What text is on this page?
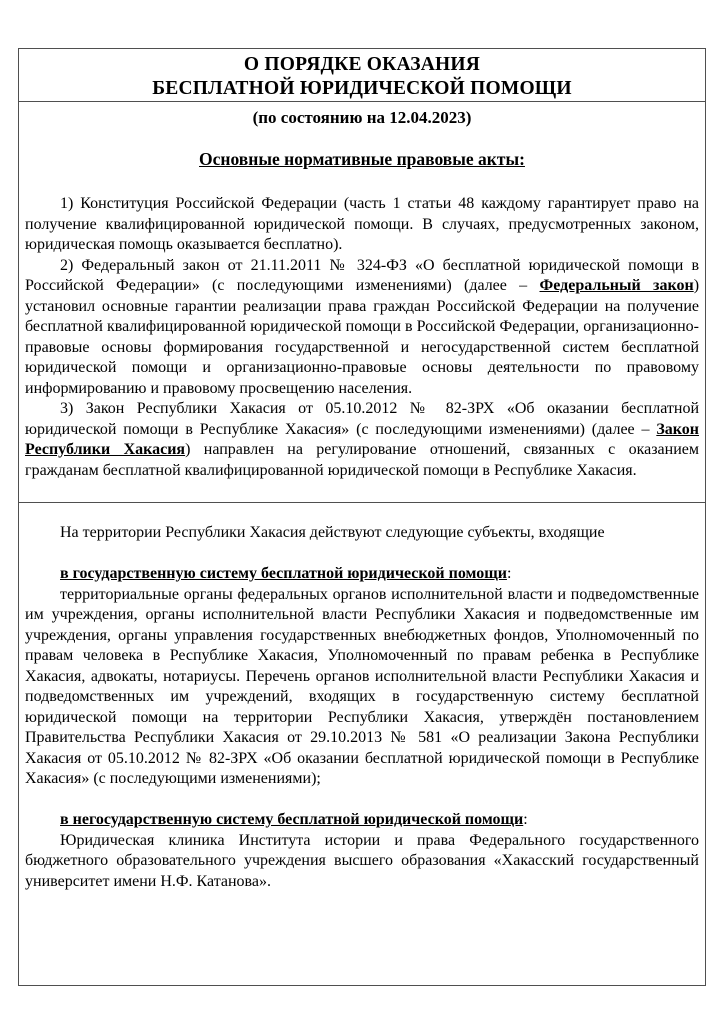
О ПОРЯДКЕ ОКАЗАНИЯ
БЕСПЛАТНОЙ ЮРИДИЧЕСКОЙ ПОМОЩИ

(по состоянию на 12.04.2023)

Основные нормативные правовые акты:

1) Конституция Российской Федерации (часть 1 статьи 48 каждому гарантирует право на получение квалифицированной юридической помощи. В случаях, предусмотренных законом, юридическая помощь оказывается бесплатно).

2) Федеральный закон от 21.11.2011 № 324-ФЗ «О бесплатной юридической помощи в Российской Федерации» (с последующими изменениями) (далее – Федеральный закон) установил основные гарантии реализации права граждан Российской Федерации на получение бесплатной квалифицированной юридической помощи в Российской Федерации, организационно-правовые основы формирования государственной и негосударственной систем бесплатной юридической помощи и организационно-правовые основы деятельности по правовому информированию и правовому просвещению населения.

3) Закон Республики Хакасия от 05.10.2012 № 82-ЗРХ «Об оказании бесплатной юридической помощи в Республике Хакасия» (с последующими изменениями) (далее – Закон Республики Хакасия) направлен на регулирование отношений, связанных с оказанием гражданам бесплатной квалифицированной юридической помощи в Республике Хакасия.

На территории Республики Хакасия действуют следующие субъекты, входящие

в государственную систему бесплатной юридической помощи:

территориальные органы федеральных органов исполнительной власти и подведомственные им учреждения, органы исполнительной власти Республики Хакасия и подведомственные им учреждения, органы управления государственных внебюджетных фондов, Уполномоченный по правам человека в Республике Хакасия, Уполномоченный по правам ребенка в Республике Хакасия, адвокаты, нотариусы. Перечень органов исполнительной власти Республики Хакасия и подведомственных им учреждений, входящих в государственную систему бесплатной юридической помощи на территории Республики Хакасия, утверждён постановлением Правительства Республики Хакасия от 29.10.2013 № 581 «О реализации Закона Республики Хакасия от 05.10.2012 № 82-ЗРХ «Об оказании бесплатной юридической помощи в Республике Хакасия» (с последующими изменениями);

в негосударственную систему бесплатной юридической помощи:

Юридическая клиника Института истории и права Федерального государственного бюджетного образовательного учреждения высшего образования «Хакасский государственный университет имени Н.Ф. Катанова».
